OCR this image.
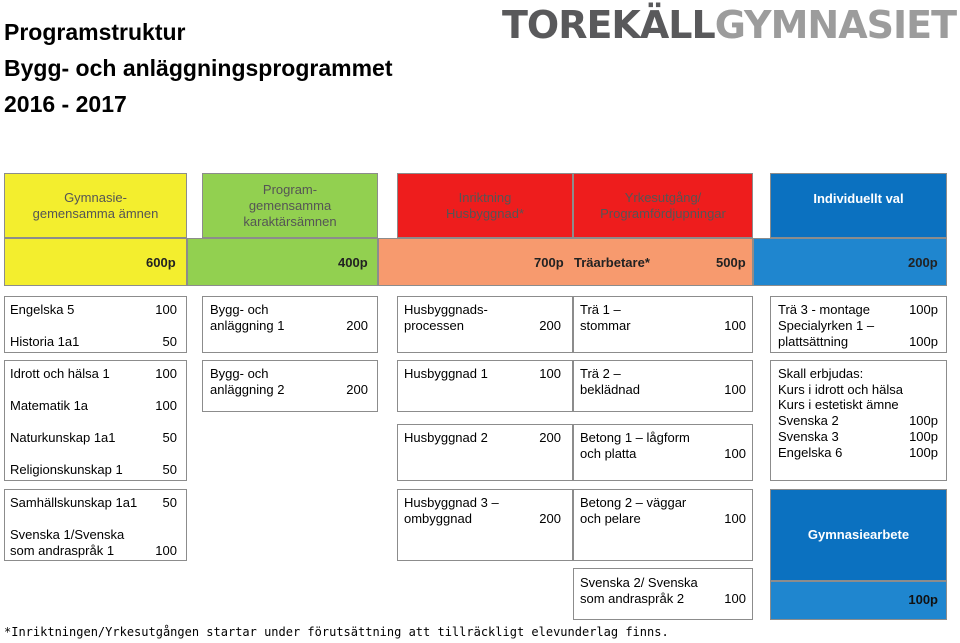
Programstruktur
Bygg- och anläggningsprogrammet
2016 - 2017
TOREKÄLLGYMNASIET
Gymnasie-
gemensamma ämnen
Program-
gemensamma
karaktärsämnen
Inriktning
Husbyggnad*
Yrkesutgång/
Programfördjupningar
Individuellt val
600p	400p	700p Träarbetare*	500p	200p
Engelska 5	100
Historia 1a1	50
Idrott och hälsa 1	100
Matematik 1a	100
Naturkunskap 1a1	50
Religionskunskap 1	50
Samhällskunskap 1a1 50
Svenska 1/Svenska
som andraspråk 1	100
Bygg- och
anläggning 1	200
Bygg- och
anläggning 2	200
Husbyggnads-
processen	200
Husbyggnad 1	100
Husbyggnad 2	200
Husbyggnad 3 –
ombyggnad	200
Trä 1 –
stommar	100
Trä 2 –
beklädnad	100
Betong 1 – lågform
och platta	100
Betong 2 – väggar
och pelare	100
Svenska 2/ Svenska
som andraspråk 2	100
Trä 3 - montage	100p
Specialyrken 1 –
plattsättning	100p
Skall erbjudas:
Kurs i idrott och hälsa
Kurs i estetiskt ämne
Svenska 2	100p
Svenska 3	100p
Engelska 6	100p
Gymnasiearbete
100p
*Inriktningen/Yrkesutgången startar under förutsättning att tillräckligt elevunderlag finns.
